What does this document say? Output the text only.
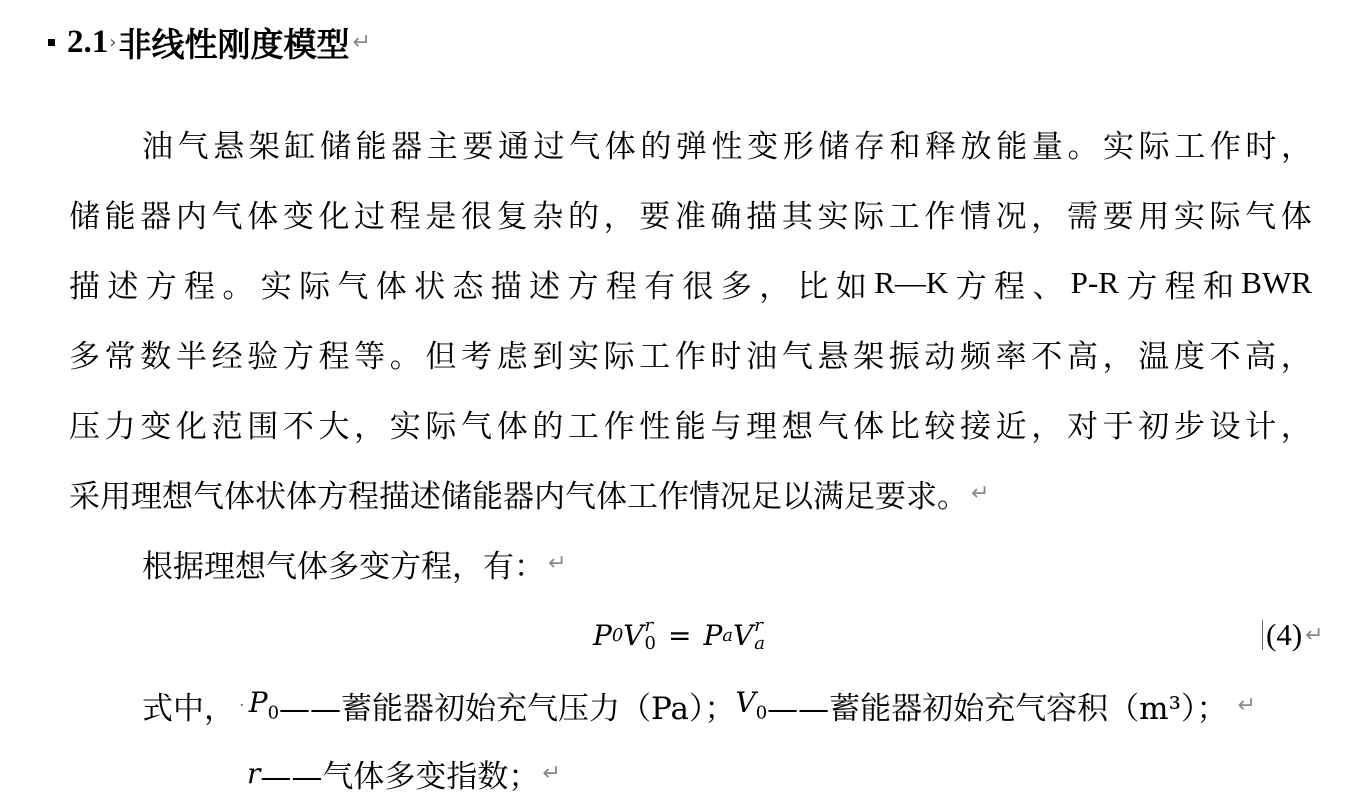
2.1 › 非线性刚度模型 ↵
油 气 悬 架 缸 储 能 器 主 要 通 过 气 体 的 弹 性 变 形 储 存 和 释 放 能 量 。 实 际 工 作 时 ，
储 能 器 内 气 体 变 化 过 程 是 很 复 杂 的 ， 要 准 确 描 其 实 际 工 作 情 况 ， 需 要 用 实 际 气 体
描 述 方 程 。 实 际 气 体 状 态 描 述 方 程 有 很 多 ， 比 如 R—K 方 程 、 P-R 方 程 和 BWR
多 常 数 半 经 验 方 程 等 。 但 考 虑 到 实 际 工 作 时 油 气 悬 架 振 动 频 率 不 高 ， 温 度 不 高 ，
压 力 变 化 范 围 不 大 ， 实 际 气 体 的 工 作 性 能 与 理 想 气 体 比 较 接 近 ， 对 于 初 步 设 计 ，
采用理想气体状体方程描述储能器内气体工作情况足以满足要求。 ↵
根据理想气体多变方程，有： ↵
P 0 V r
0 = P a V r
a	(4) ↵
式中， · $P_0$ ——蓄能器初始充气压力（Pa）； $V_0$ ——蓄能器初始充气容积（m³）； ↵
r ——气体多变指数； ↵
